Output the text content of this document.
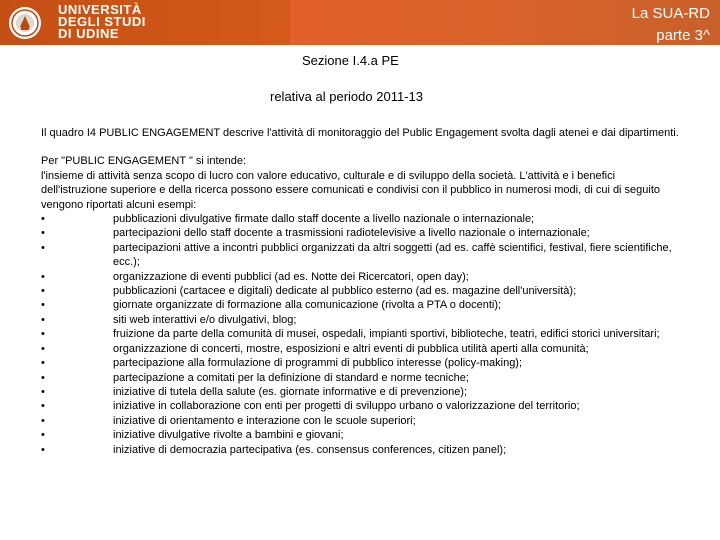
UNIVERSITÀ
DEGLI STUDI
DI UDINE
La SUA-RD
parte 3^
Sezione I.4.a PE
relativa al periodo 2011-13

Il quadro I4 PUBLIC ENGAGEMENT descrive l'attività di monitoraggio del Public Engagement svolta dagli atenei e dai dipartimenti.

Per "PUBLIC ENGAGEMENT " si intende:

l'insieme di attività senza scopo di lucro con valore educativo, culturale e di sviluppo della società. L'attività e i benefici dell'istruzione superiore e della ricerca possono essere comunicati e condivisi con il pubblico in numerosi modi, di cui di seguito vengono riportati alcuni esempi:

•	pubblicazioni divulgative firmate dallo staff docente a livello nazionale o internazionale;
•	partecipazioni dello staff docente a trasmissioni radiotelevisive a livello nazionale o internazionale;
•	partecipazioni attive a incontri pubblici organizzati da altri soggetti (ad es. caffè scientifici, festival, fiere scientifiche, ecc.);
•	organizzazione di eventi pubblici (ad es. Notte dei Ricercatori, open day);
•	pubblicazioni (cartacee e digitali) dedicate al pubblico esterno (ad es. magazine dell'università);
•	giornate organizzate di formazione alla comunicazione (rivolta a PTA o docenti);
•	siti web interattivi e/o divulgativi, blog;
•	fruizione da parte della comunità di musei, ospedali, impianti sportivi, biblioteche, teatri, edifici storici universitari;
•	organizzazione di concerti, mostre, esposizioni e altri eventi di pubblica utilità aperti alla comunità;
•	partecipazione alla formulazione di programmi di pubblico interesse (policy-making);
•	partecipazione a comitati per la definizione di standard e norme tecniche;
•	iniziative di tutela della salute (es. giornate informative e di prevenzione);
•	iniziative in collaborazione con enti per progetti di sviluppo urbano o valorizzazione del territorio;
•	iniziative di orientamento e interazione con le scuole superiori;
•	iniziative divulgative rivolte a bambini e giovani;
•	iniziative di democrazia partecipativa (es. consensus conferences, citizen panel);
